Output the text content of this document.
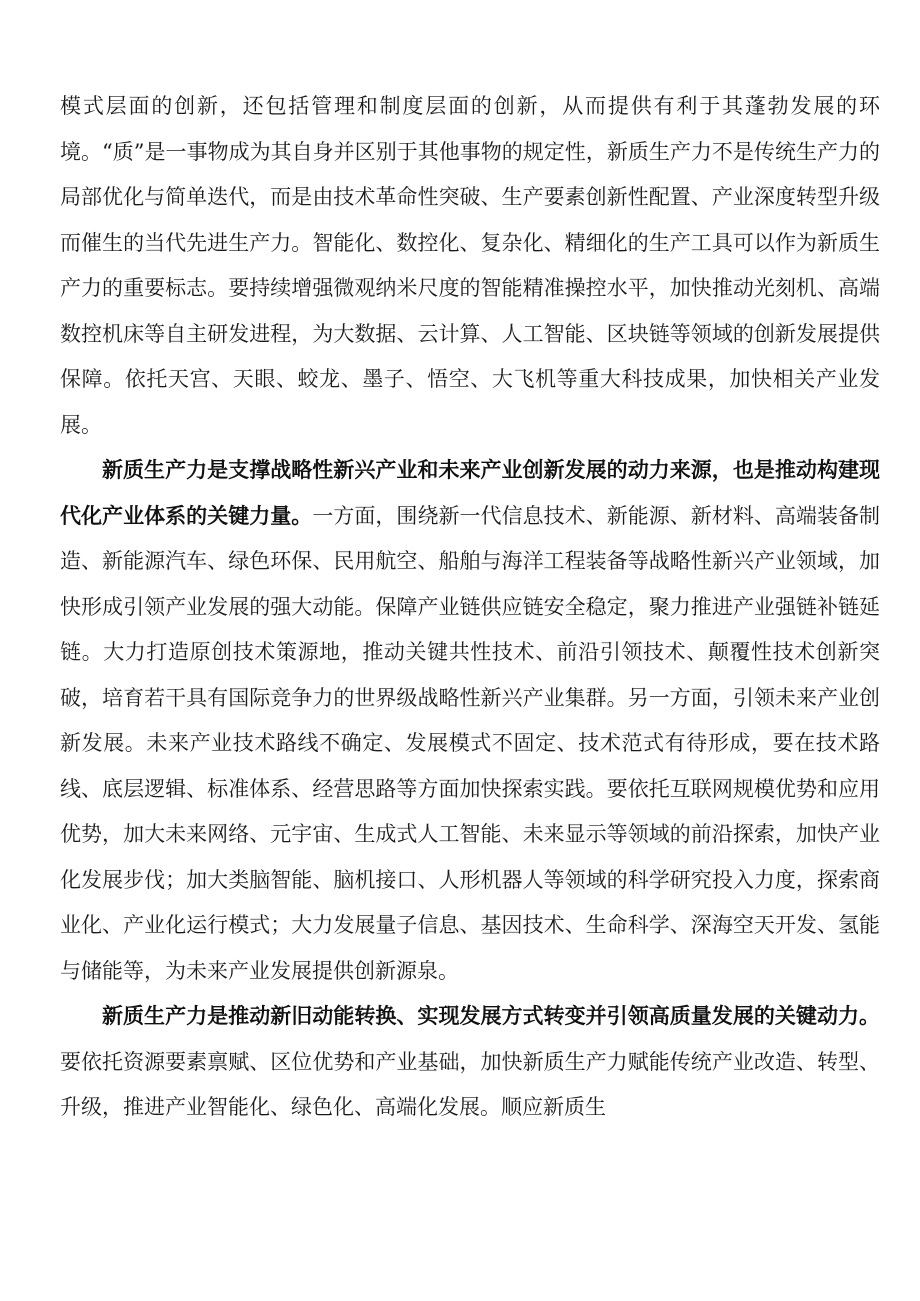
模式层面的创新，还包括管理和制度层面的创新，从而提供有利于其蓬勃发展的环境。“质”是一事物成为其自身并区别于其他事物的规定性，新质生产力不是传统生产力的局部优化与简单迭代，而是由技术革命性突破、生产要素创新性配置、产业深度转型升级而催生的当代先进生产力。智能化、数控化、复杂化、精细化的生产工具可以作为新质生产力的重要标志。要持续增强微观纳米尺度的智能精准操控水平，加快推动光刻机、高端数控机床等自主研发进程，为大数据、云计算、人工智能、区块链等领域的创新发展提供保障。依托天宫、天眼、蛟龙、墨子、悟空、大飞机等重大科技成果，加快相关产业发展。

新质生产力是支撑战略性新兴产业和未来产业创新发展的动力来源，也是推动构建现代化产业体系的关键力量。一方面，围绕新一代信息技术、新能源、新材料、高端装备制造、新能源汽车、绿色环保、民用航空、船舶与海洋工程装备等战略性新兴产业领域，加快形成引领产业发展的强大动能。保障产业链供应链安全稳定，聚力推进产业强链补链延链。大力打造原创技术策源地，推动关键共性技术、前沿引领技术、颠覆性技术创新突破，培育若干具有国际竞争力的世界级战略性新兴产业集群。另一方面，引领未来产业创新发展。未来产业技术路线不确定、发展模式不固定、技术范式有待形成，要在技术路线、底层逻辑、标准体系、经营思路等方面加快探索实践。要依托互联网规模优势和应用优势，加大未来网络、元宇宙、生成式人工智能、未来显示等领域的前沿探索，加快产业化发展步伐；加大类脑智能、脑机接口、人形机器人等领域的科学研究投入力度，探索商业化、产业化运行模式；大力发展量子信息、基因技术、生命科学、深海空天开发、氢能与储能等，为未来产业发展提供创新源泉。

新质生产力是推动新旧动能转换、实现发展方式转变并引领高质量发展的关键动力。要依托资源要素禀赋、区位优势和产业基础，加快新质生产力赋能传统产业改造、转型、升级，推进产业智能化、绿色化、高端化发展。顺应新质生
